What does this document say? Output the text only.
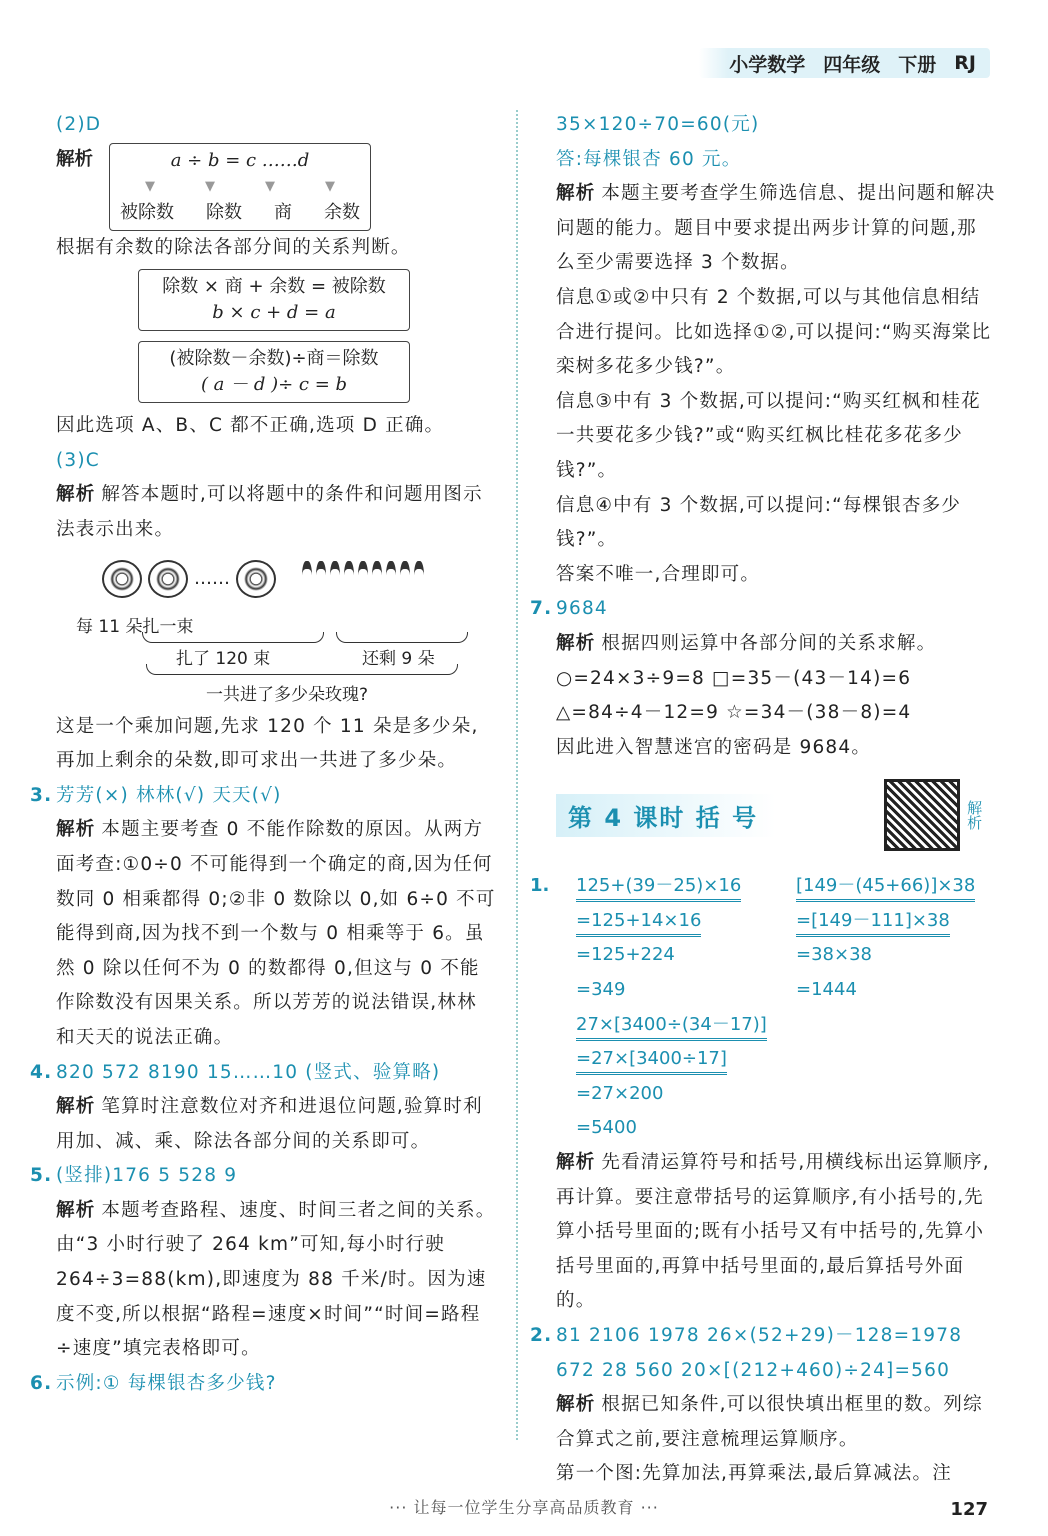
小学数学 四年级 下册 RJ

(2)D

解析	a ÷ b = c ……d
▼	▼	▼	▼
被除数 除数 商 余数

根据有余数的除法各部分间的关系判断。

除数 × 商 + 余数 = 被除数
b × c + d = a
(被除数－余数)÷商＝除数
( a － d )÷ c = b

因此选项 A、B、C 都不正确,选项 D 正确。

(3)C

解析 解答本题时,可以将题中的条件和问题用图示法表示出来。

……
每 11 朵扎一束
扎了 120 束	还剩 9 朵
一共进了多少朵玫瑰?

这是一个乘加问题,先求 120 个 11 朵是多少朵,再加上剩余的朵数,即可求出一共进了多少朵。

3. 芳芳(×) 林林(√) 天天(√)

解析 本题主要考查 0 不能作除数的原因。从两方面考查:①0÷0 不可能得到一个确定的商,因为任何数同 0 相乘都得 0;②非 0 数除以 0,如 6÷0 不可能得到商,因为找不到一个数与 0 相乘等于 6。虽然 0 除以任何不为 0 的数都得 0,但这与 0 不能作除数没有因果关系。所以芳芳的说法错误,林林和天天的说法正确。

4. 820 572 8190 15……10 (竖式、验算略)

解析 笔算时注意数位对齐和进退位问题,验算时利用加、减、乘、除法各部分间的关系即可。

5. (竖排)176 5 528 9

解析 本题考查路程、速度、时间三者之间的关系。由“3 小时行驶了 264 km”可知,每小时行驶 264÷3=88(km),即速度为 88 千米/时。因为速度不变,所以根据“路程=速度×时间”“时间=路程÷速度”填完表格即可。

6. 示例:① 每棵银杏多少钱?

35×120÷70=60(元)

答:每棵银杏 60 元。

解析 本题主要考查学生筛选信息、提出问题和解决问题的能力。题目中要求提出两步计算的问题,那么至少需要选择 3 个数据。

信息①或②中只有 2 个数据,可以与其他信息相结合进行提问。比如选择①②,可以提问:“购买海棠比栾树多花多少钱?”。

信息③中有 3 个数据,可以提问:“购买红枫和桂花一共要花多少钱?”或“购买红枫比桂花多花多少钱?”。

信息④中有 3 个数据,可以提问:“每棵银杏多少钱?”。

答案不唯一,合理即可。

7. 9684

解析 根据四则运算中各部分间的关系求解。

○=24×3÷9=8 □=35－(43－14)=6

△=84÷4－12=9 ☆=34－(38－8)=4

因此进入智慧迷宫的密码是 9684。

第 4 课时 括 号	解析
1.	125+(39－25)×16
=125+14×16
=125+224
=349
[149－(45+66)]×38
=[149－111]×38
=38×38
=1444
27×[3400÷(34－17)]
=27×[3400÷17]
=27×200
=5400

解析 先看清运算符号和括号,用横线标出运算顺序,再计算。要注意带括号的运算顺序,有小括号的,先算小括号里面的;既有小括号又有中括号的,先算小括号里面的,再算中括号里面的,最后算括号外面的。

2. 81 2106 1978 26×(52+29)－128=1978

672 28 560 20×[(212+460)÷24]=560

解析 根据已知条件,可以很快填出框里的数。列综合算式之前,要注意梳理运算顺序。

第一个图:先算加法,再算乘法,最后算减法。注

··· 让每一位学生分享高品质教育 ···	127
